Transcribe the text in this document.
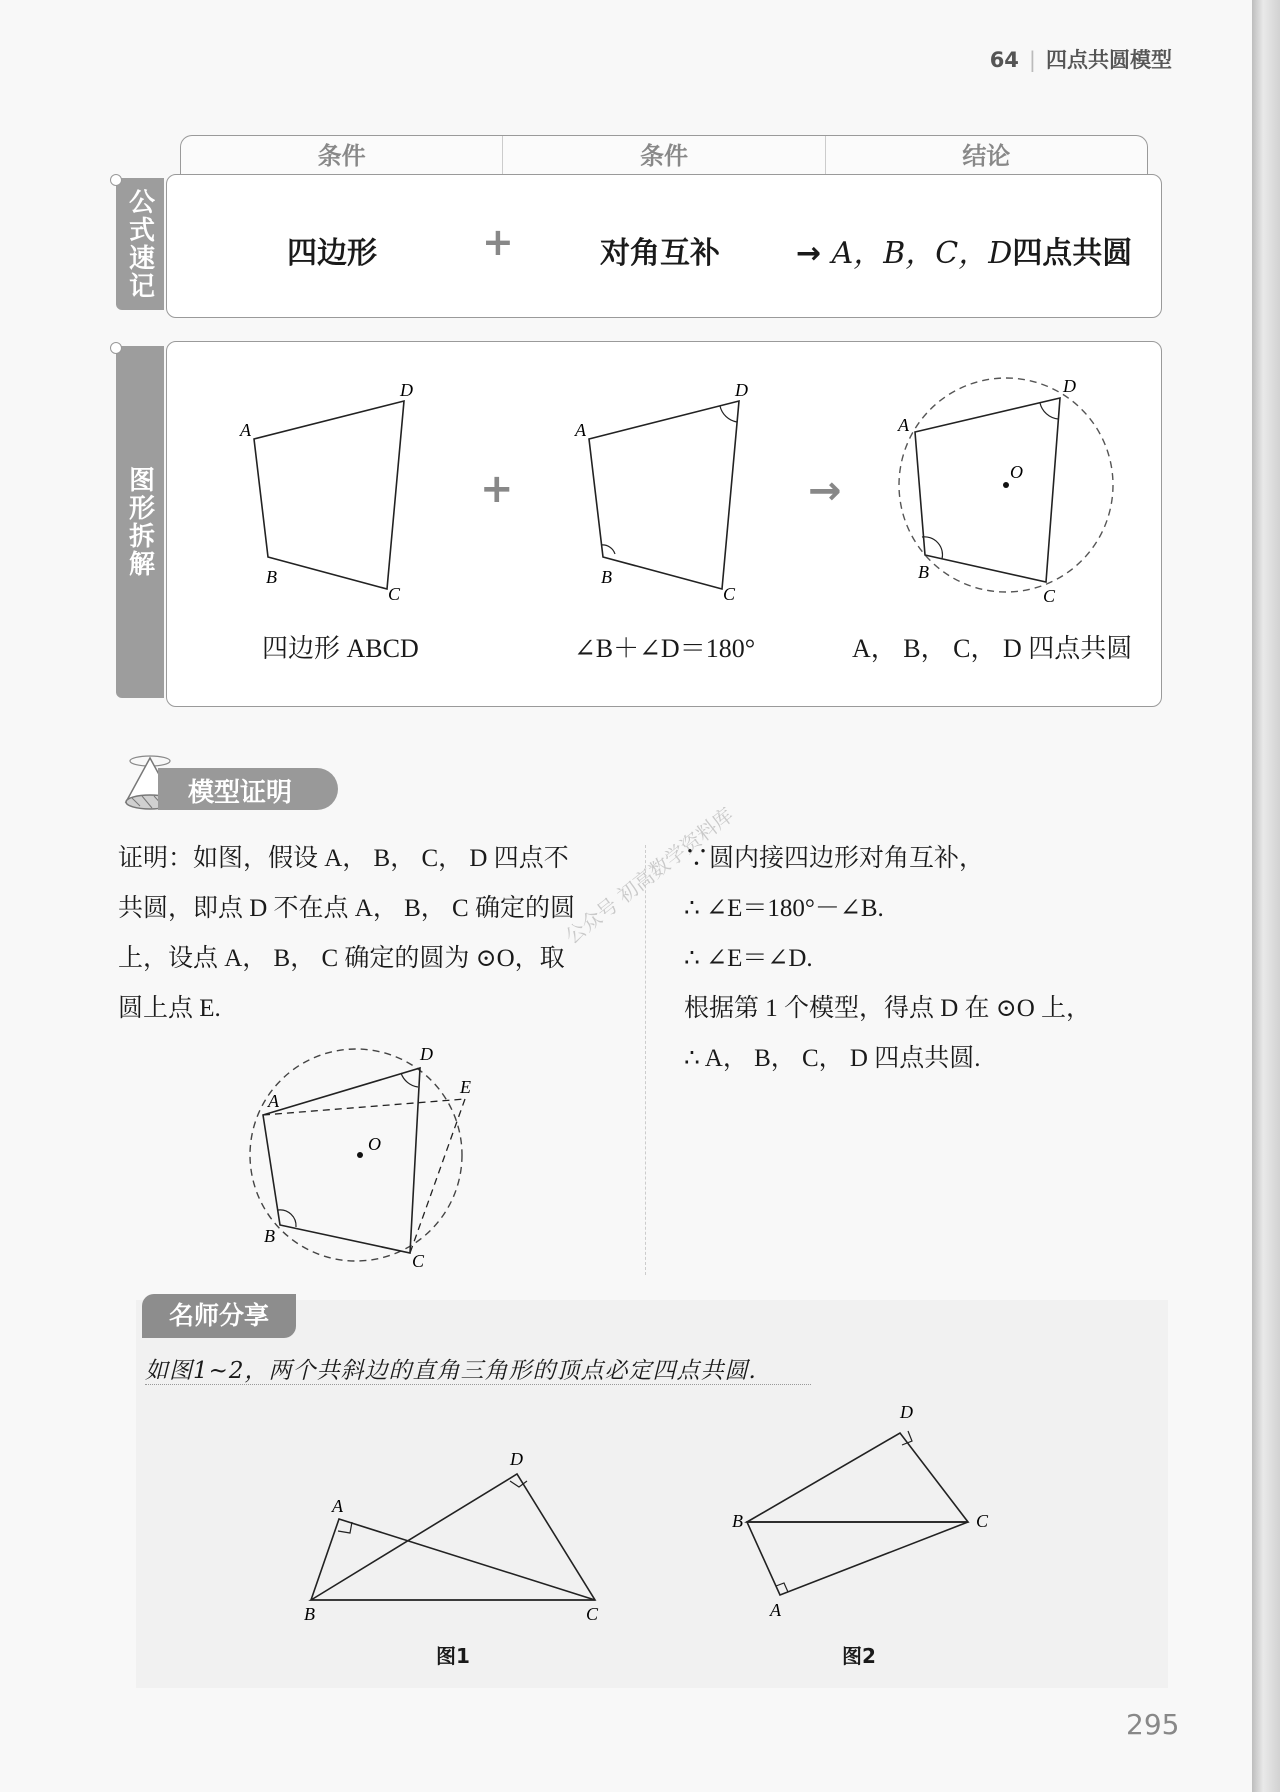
64 | 四点共圆模型
条件	条件	结论
公式速记	四边形	+	对角互补	→ A，B，C，D四点共圆
图形拆解
A
D
B
C
+
A
D
B
C
→	O
A
D
B
C
四边形 ABCD	∠B＋∠D＝180°	A， B， C， D 四点共圆
模型证明
公众号 初高数学资料库

证明：如图，假设 A， B， C， D 四点不

共圆，即点 D 不在点 A， B， C 确定的圆

上，设点 A， B， C 确定的圆为 ⊙O，取

圆上点 E.

∵圆内接四边形对角互补，

∴ ∠E＝180°－∠B.

∴ ∠E＝∠D.

根据第 1 个模型，得点 D 在 ⊙O 上，

∴ A， B， C， D 四点共圆.

O
A
D
E
B
C
名师分享
如图1~2，两个共斜边的直角三角形的顶点必定四点共圆.
A
D
B	C
B
D
C
A
图1	图2
295
